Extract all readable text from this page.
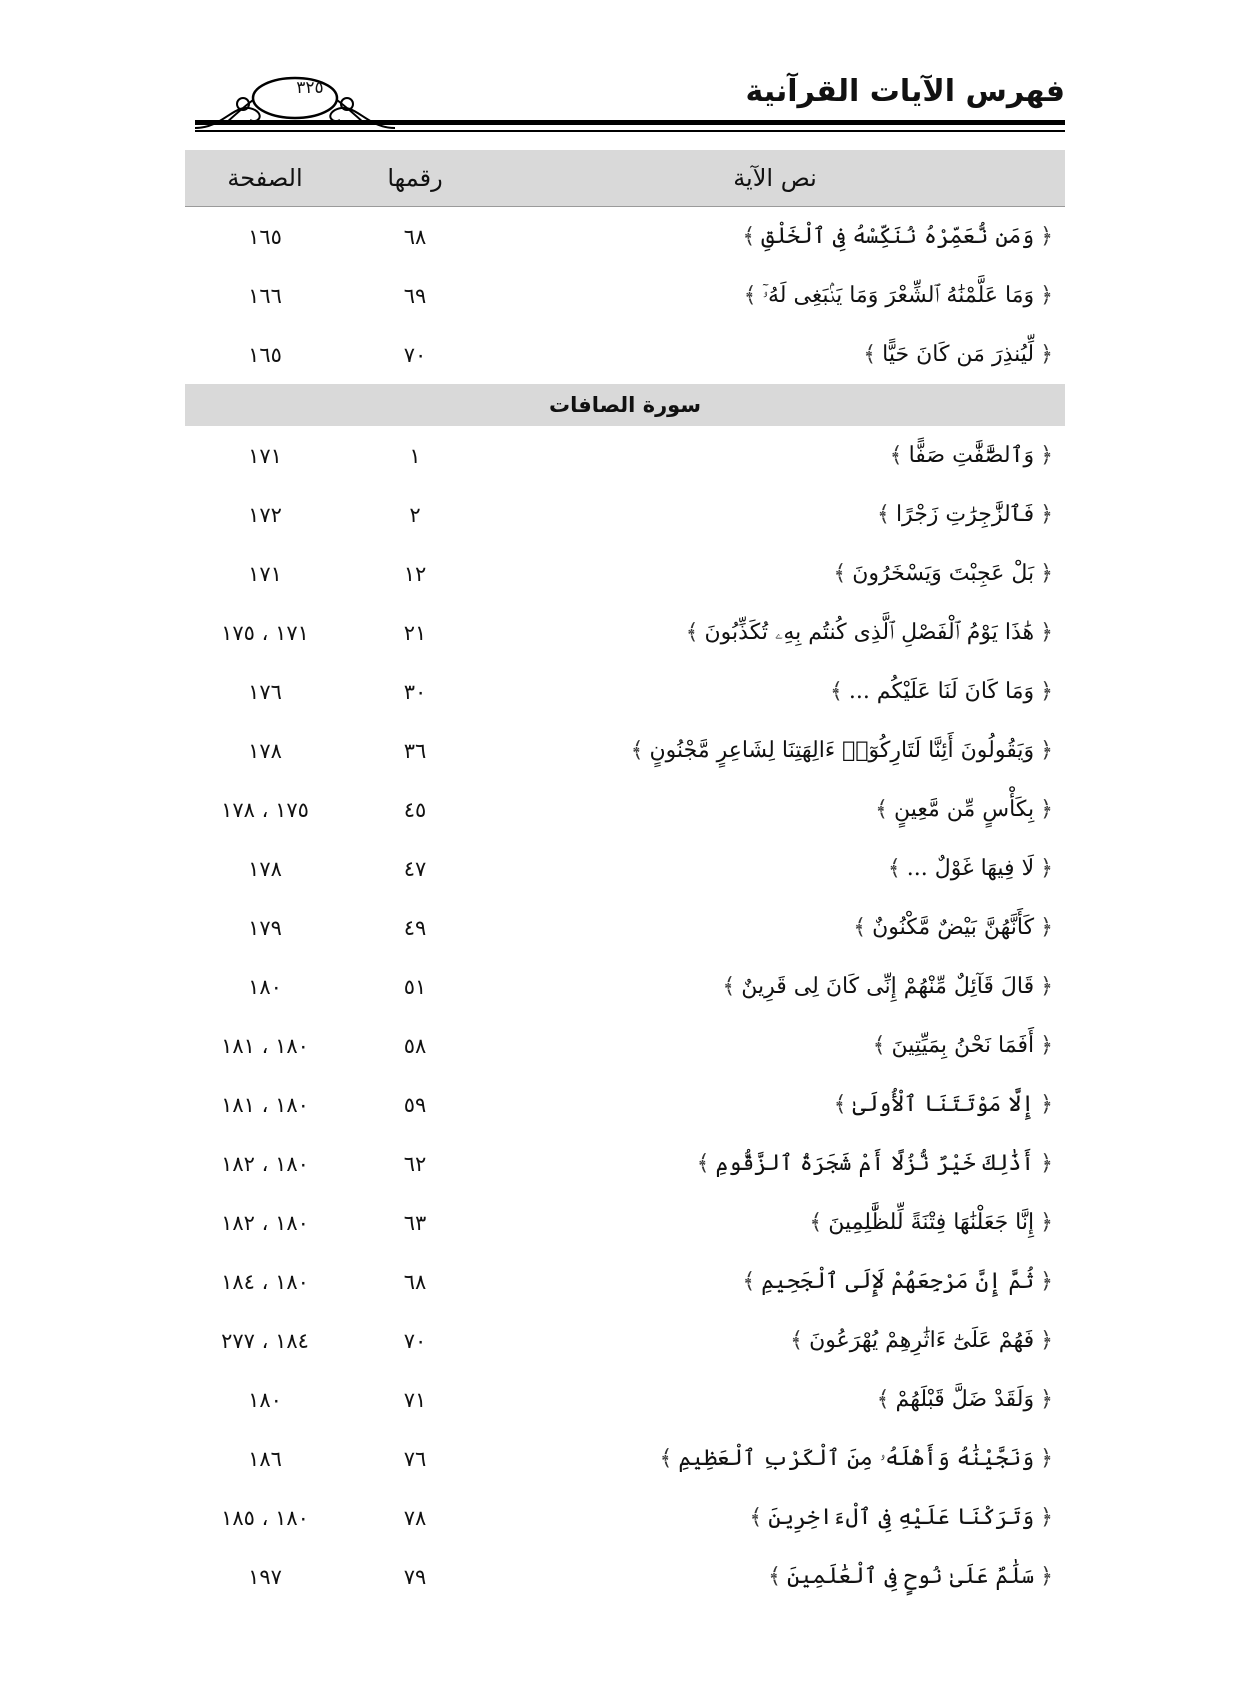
فهرس الآيات القرآنية
٣٢٥
نص الآية	رقمها	الصفحة
﴿وَمَن نُّعَمِّرْهُ نُنَكِّسْهُ فِى ٱلْخَلْقِ﴾	٦٨	١٦٥
﴿وَمَا عَلَّمْنَٰهُ ٱلشِّعْرَ وَمَا يَنۢبَغِى لَهُۥٓ﴾	٦٩	١٦٦
﴿لِّيُنذِرَ مَن كَانَ حَيًّا﴾	٧٠	١٦٥
سورة الصافات		
﴿وَٱلصَّٰٓفَّٰتِ صَفًّا﴾	١	١٧١
﴿فَٱلزَّٰجِرَٰتِ زَجْرًا﴾	٢	١٧٢
﴿بَلْ عَجِبْتَ وَيَسْخَرُونَ﴾	١٢	١٧١
﴿هَٰذَا يَوْمُ ٱلْفَصْلِ ٱلَّذِى كُنتُم بِهِۦ تُكَذِّبُونَ﴾	٢١	١٧١ ، ١٧٥
﴿وَمَا كَانَ لَنَا عَلَيْكُم ...﴾	٣٠	١٧٦
﴿وَيَقُولُونَ أَئِنَّا لَتَارِكُوٓا۟ ءَالِهَتِنَا لِشَاعِرٍ مَّجْنُونٍ﴾	٣٦	١٧٨
﴿بِكَأْسٍ مِّن مَّعِينٍ﴾	٤٥	١٧٥ ، ١٧٨
﴿لَا فِيهَا غَوْلٌ ...﴾	٤٧	١٧٨
﴿كَأَنَّهُنَّ بَيْضٌ مَّكْنُونٌ﴾	٤٩	١٧٩
﴿قَالَ قَآئِلٌ مِّنْهُمْ إِنِّى كَانَ لِى قَرِينٌ﴾	٥١	١٨٠
﴿أَفَمَا نَحْنُ بِمَيِّتِينَ﴾	٥٨	١٨٠ ، ١٨١
﴿إِلَّا مَوْتَتَنَا ٱلْأُولَىٰ﴾	٥٩	١٨٠ ، ١٨١
﴿أَذَٰلِكَ خَيْرٌ نُّزُلًا أَمْ شَجَرَةُ ٱلزَّقُّومِ﴾	٦٢	١٨٠ ، ١٨٢
﴿إِنَّا جَعَلْنَٰهَا فِتْنَةً لِّلظَّٰلِمِينَ﴾	٦٣	١٨٠ ، ١٨٢
﴿ثُمَّ إِنَّ مَرْجِعَهُمْ لَإِلَى ٱلْجَحِيمِ﴾	٦٨	١٨٠ ، ١٨٤
﴿فَهُمْ عَلَىٰٓ ءَاثَٰرِهِمْ يُهْرَعُونَ﴾	٧٠	١٨٤ ، ٢٧٧
﴿وَلَقَدْ ضَلَّ قَبْلَهُمْ﴾	٧١	١٨٠
﴿وَنَجَّيْنَٰهُ وَأَهْلَهُۥ مِنَ ٱلْكَرْبِ ٱلْعَظِيمِ﴾	٧٦	١٨٦
﴿وَتَرَكْنَا عَلَيْهِ فِى ٱلْءَاخِرِينَ﴾	٧٨	١٨٠ ، ١٨٥
﴿سَلَٰمٌ عَلَىٰ نُوحٍ فِى ٱلْعَٰلَمِينَ﴾	٧٩	١٩٧
